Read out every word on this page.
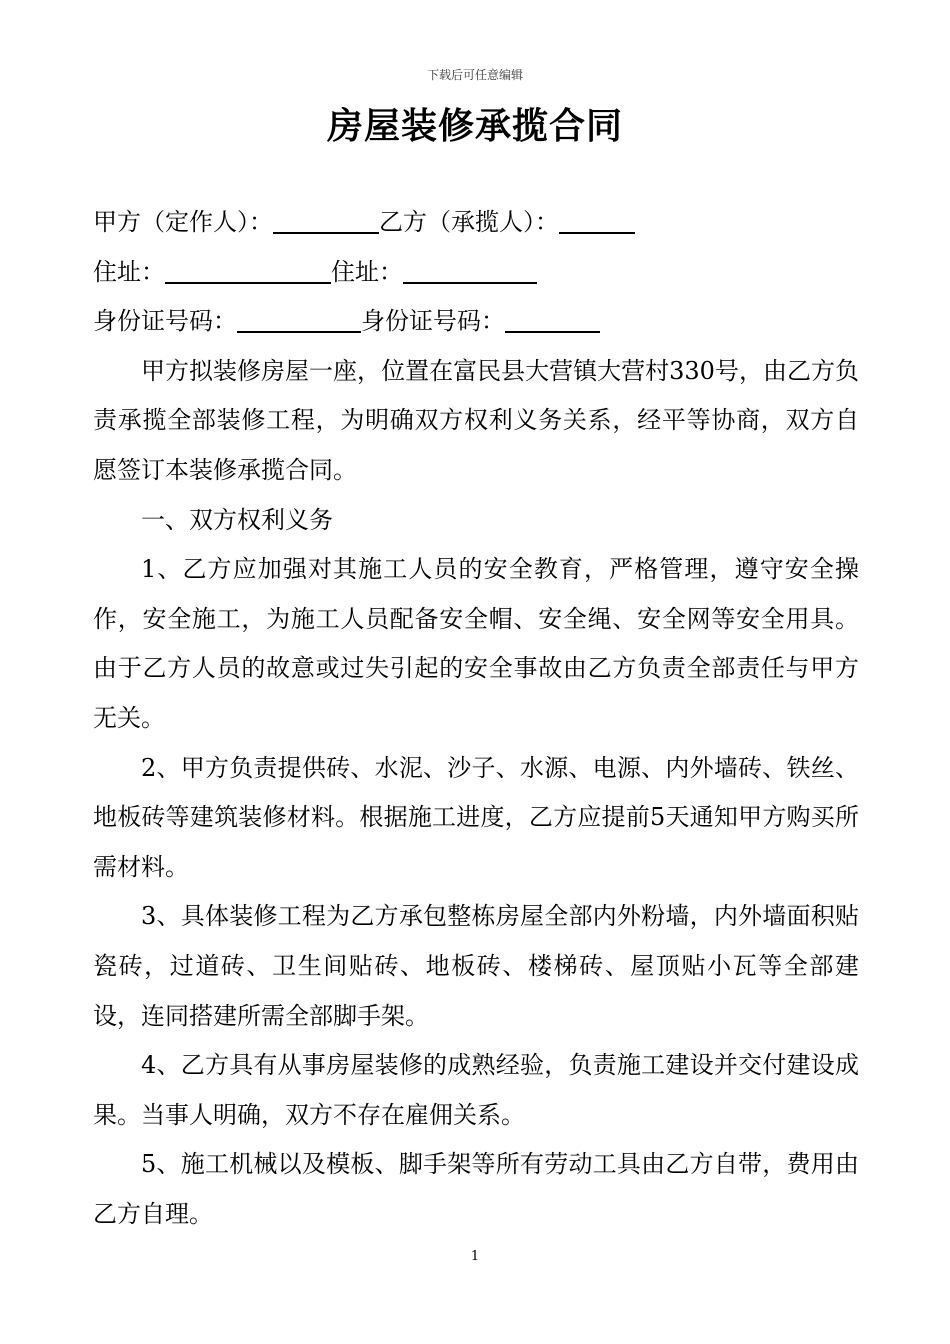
下载后可任意编辑
房屋装修承揽合同
甲方（定作人）：	乙方（承揽人）：
住址：	住址：
身份证号码：	身份证号码：

甲方拟装修房屋一座，位置在富民县大营镇大营村330号，由乙方负责承揽全部装修工程，为明确双方权利义务关系，经平等协商，双方自愿签订本装修承揽合同。

一、双方权利义务

1、乙方应加强对其施工人员的安全教育，严格管理，遵守安全操作，安全施工，为施工人员配备安全帽、安全绳、安全网等安全用具。由于乙方人员的故意或过失引起的安全事故由乙方负责全部责任与甲方无关。

2、甲方负责提供砖、水泥、沙子、水源、电源、内外墙砖、铁丝、地板砖等建筑装修材料。根据施工进度，乙方应提前5天通知甲方购买所需材料。

3、具体装修工程为乙方承包整栋房屋全部内外粉墙，内外墙面积贴瓷砖，过道砖、卫生间贴砖、地板砖、楼梯砖、屋顶贴小瓦等全部建设，连同搭建所需全部脚手架。

4、乙方具有从事房屋装修的成熟经验，负责施工建设并交付建设成果。当事人明确，双方不存在雇佣关系。

5、施工机械以及模板、脚手架等所有劳动工具由乙方自带，费用由乙方自理。

1
